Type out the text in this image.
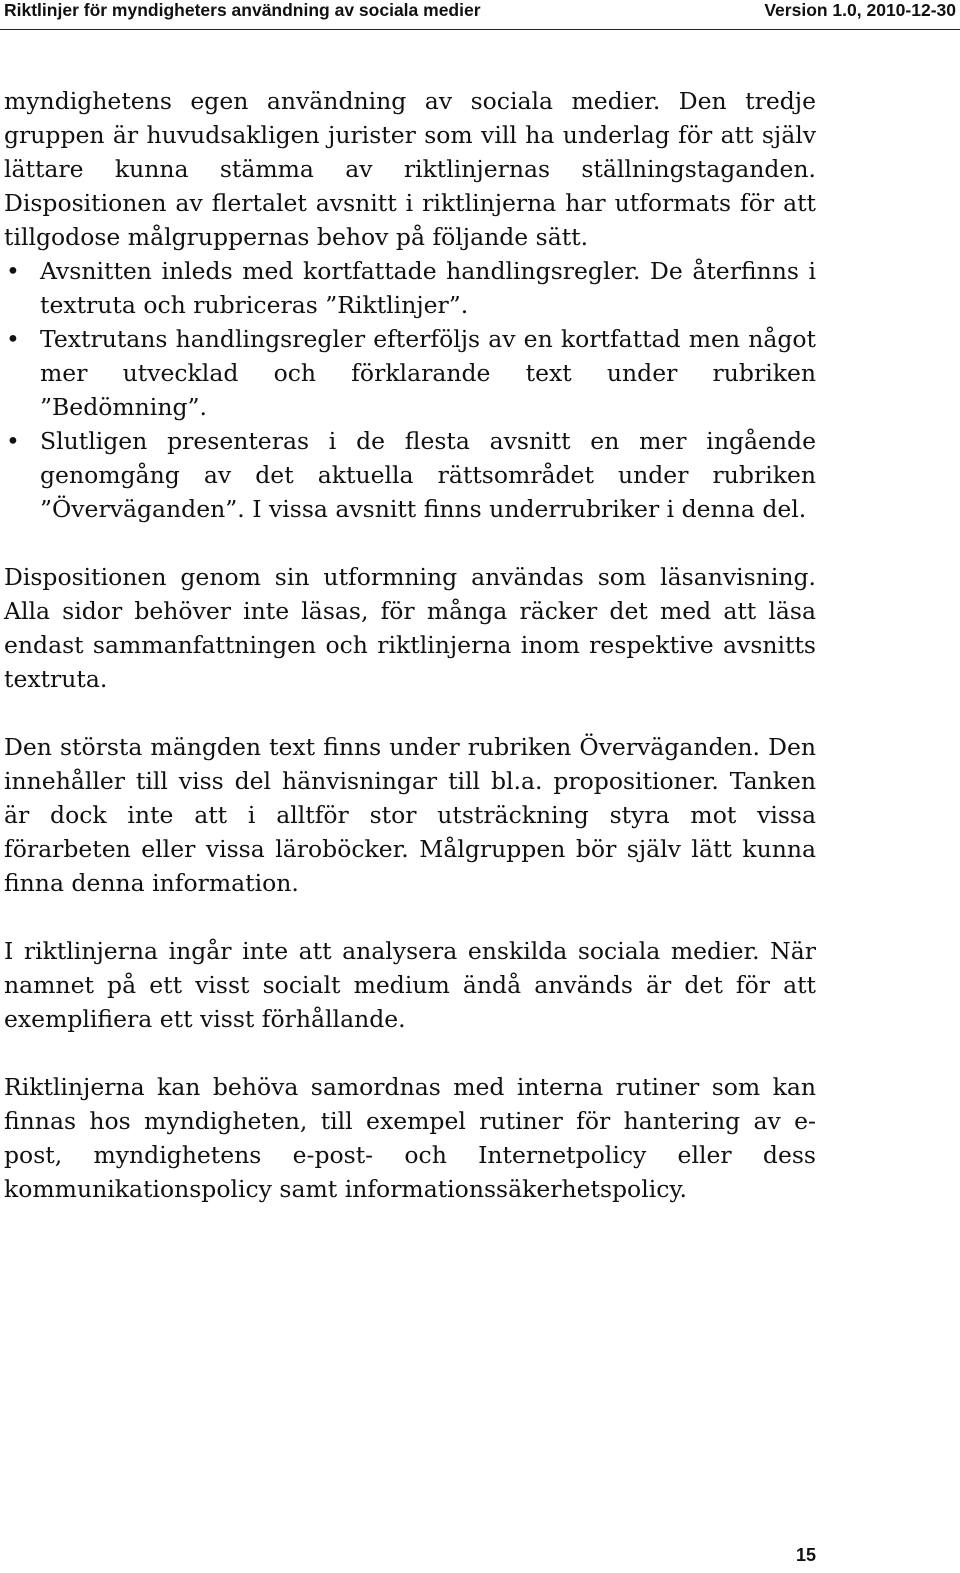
Riktlinjer för myndigheters användning av sociala medier	Version 1.0, 2010-12-30

myndighetens egen användning av sociala medier. Den tredje gruppen är huvudsakligen jurister som vill ha underlag för att själv lättare kunna stämma av riktlinjernas ställningstaganden. Dispositionen av flertalet avsnitt i riktlinjerna har utformats för att tillgodose målgruppernas behov på följande sätt.

• Avsnitten inleds med kortfattade handlingsregler. De återfinns i textruta och rubriceras ”Riktlinjer”.
• Textrutans handlingsregler efterföljs av en kortfattad men något mer utvecklad och förklarande text under rubriken ”Bedömning”.
• Slutligen presenteras i de flesta avsnitt en mer ingående genomgång av det aktuella rättsområdet under rubriken ”Överväganden”. I vissa avsnitt finns underrubriker i denna del.

Dispositionen genom sin utformning användas som läsanvisning. Alla sidor behöver inte läsas, för många räcker det med att läsa endast sammanfattningen och riktlinjerna inom respektive avsnitts textruta.

Den största mängden text finns under rubriken Överväganden. Den innehåller till viss del hänvisningar till bl.a. propositioner. Tanken är dock inte att i alltför stor utsträckning styra mot vissa förarbeten eller vissa läroböcker. Målgruppen bör själv lätt kunna finna denna information.

I riktlinjerna ingår inte att analysera enskilda sociala medier. När namnet på ett visst socialt medium ändå används är det för att exemplifiera ett visst förhållande.

Riktlinjerna kan behöva samordnas med interna rutiner som kan finnas hos myndigheten, till exempel rutiner för hantering av e-post, myndighetens e-post- och Internetpolicy eller dess kommunikationspolicy samt informationssäkerhetspolicy.

15
